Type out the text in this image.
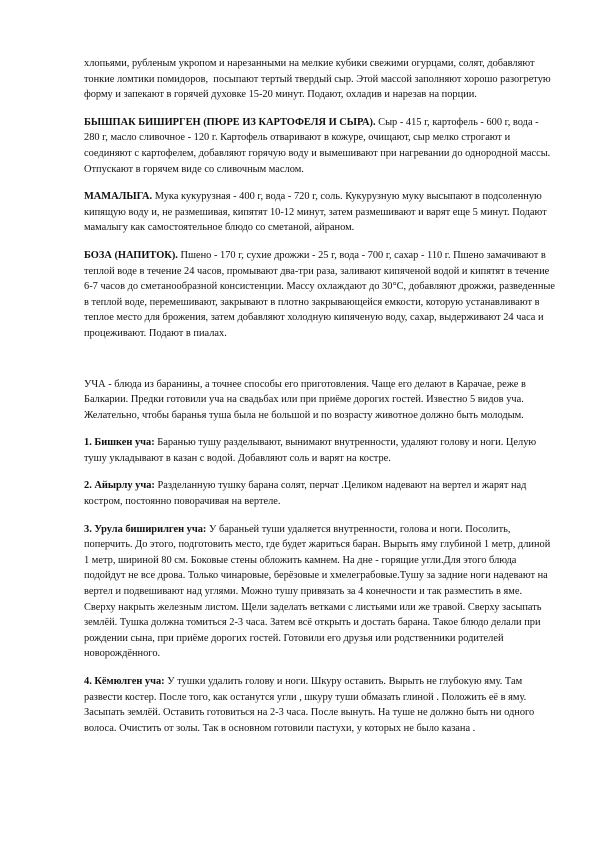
хлопьями, рубленым укропом и нарезанными на мелкие кубики свежими огурцами, солят, добавляют тонкие ломтики помидоров, ⁠ посыпают тертый твердый сыр. Этой массой заполняют хорошо разогретую форму и запекают в горячей духовке 15-20 минут. Подают, охладив и нарезав на порции.

БЫШПАК БИШИРГЕН (ПЮРЕ ИЗ КАРТОФЕЛЯ И СЫРА). Сыр - 415 г, картофель - 600 г, вода - 280 г, масло сливочное - 120 г. Картофель отваривают в кожуре, очищают, сыр мелко строгают и соединяют с картофелем, добавляют горячую воду и вымешивают при нагревании до однородной массы. Отпускают в горячем виде со сливочным маслом.

МАМАЛЫГА. Мука кукурузная - 400 г, вода - 720 г, соль. Кукурузную муку высыпают в подсоленную кипящую воду и, не размешивая, кипятят 10-12 минут, затем размешивают и варят еще 5 минут. Подают мамалыгу как самостоятельное блюдо со сметаной, айраном.

БОЗА (НАПИТОК). Пшено - 170 г, сухие дрожжи - 25 г, вода - 700 г, сахар - 110 г. Пшено замачивают в теплой воде в течение 24 часов, промывают два-три раза, заливают кипяченой водой и кипятят в течение 6-7 часов до сметанообразной консистенции. Массу охлаждают до 30°С, добавляют дрожжи, разведенные в теплой воде, перемешивают, закрывают в плотно закрывающейся емкости, которую устанавливают в теплое место для брожения, затем добавляют холодную кипяченую воду, сахар, выдерживают 24 часа и процеживают. Подают в пиалах.

УЧА - блюда из баранины, а точнее способы его приготовления. Чаще его делают в Карачае, реже в Балкарии. Предки готовили уча на свадьбах или при приёме дорогих гостей. Известно 5 видов уча. Желательно, чтобы баранья туша была не большой и по возрасту животное должно быть молодым.

1. Бишкен уча: Баранью тушу разделывают, вынимают внутренности, удаляют голову и ноги. Целую тушу укладывают в казан с водой. Добавляют соль и варят на костре.

2. Айырлу уча: Разделанную тушку барана солят, перчат .Целиком надевают на вертел и жарят над костром, постоянно поворачивая на вертеле.

3. Урула биширилген уча: У бараньей туши удаляется внутренности, голова и ноги. Посолить, поперчить. До этого, подготовить место, где будет жариться баран. Вырыть яму глубиной 1 метр, длиной 1 метр, шириной 80 см. Боковые стены обложить камнем. На дне - горящие угли.Для этого блюда подойдут не все дрова. Только чинаровые, берёзовые и хмелеграбовые.Тушу за задние ноги надевают на вертел и подвешивают над углями. Можно тушу привязать за 4 конечности и так разместить в яме. Сверху накрыть железным листом. Щели заделать ветками с листьями или же травой. Сверху засыпать землёй. Тушка должна томиться 2-3 часа. Затем всё открыть и достать барана. Такое блюдо делали при рождении сына, при приёме дорогих гостей. Готовили его друзья или родственники родителей новорождённого.

4. Кёмюлген уча: У тушки удалить голову и ноги. Шкуру оставить. Вырыть не глубокую яму. Там развести костер. После того, как останутся угли , шкуру туши обмазать глиной . Положить её в яму. Засыпать землёй. Оставить готовиться на 2-3 часа. После вынуть. На туше не должно быть ни одного волоса. Очистить от золы. Так в основном готовили пастухи, у которых не было казана .
